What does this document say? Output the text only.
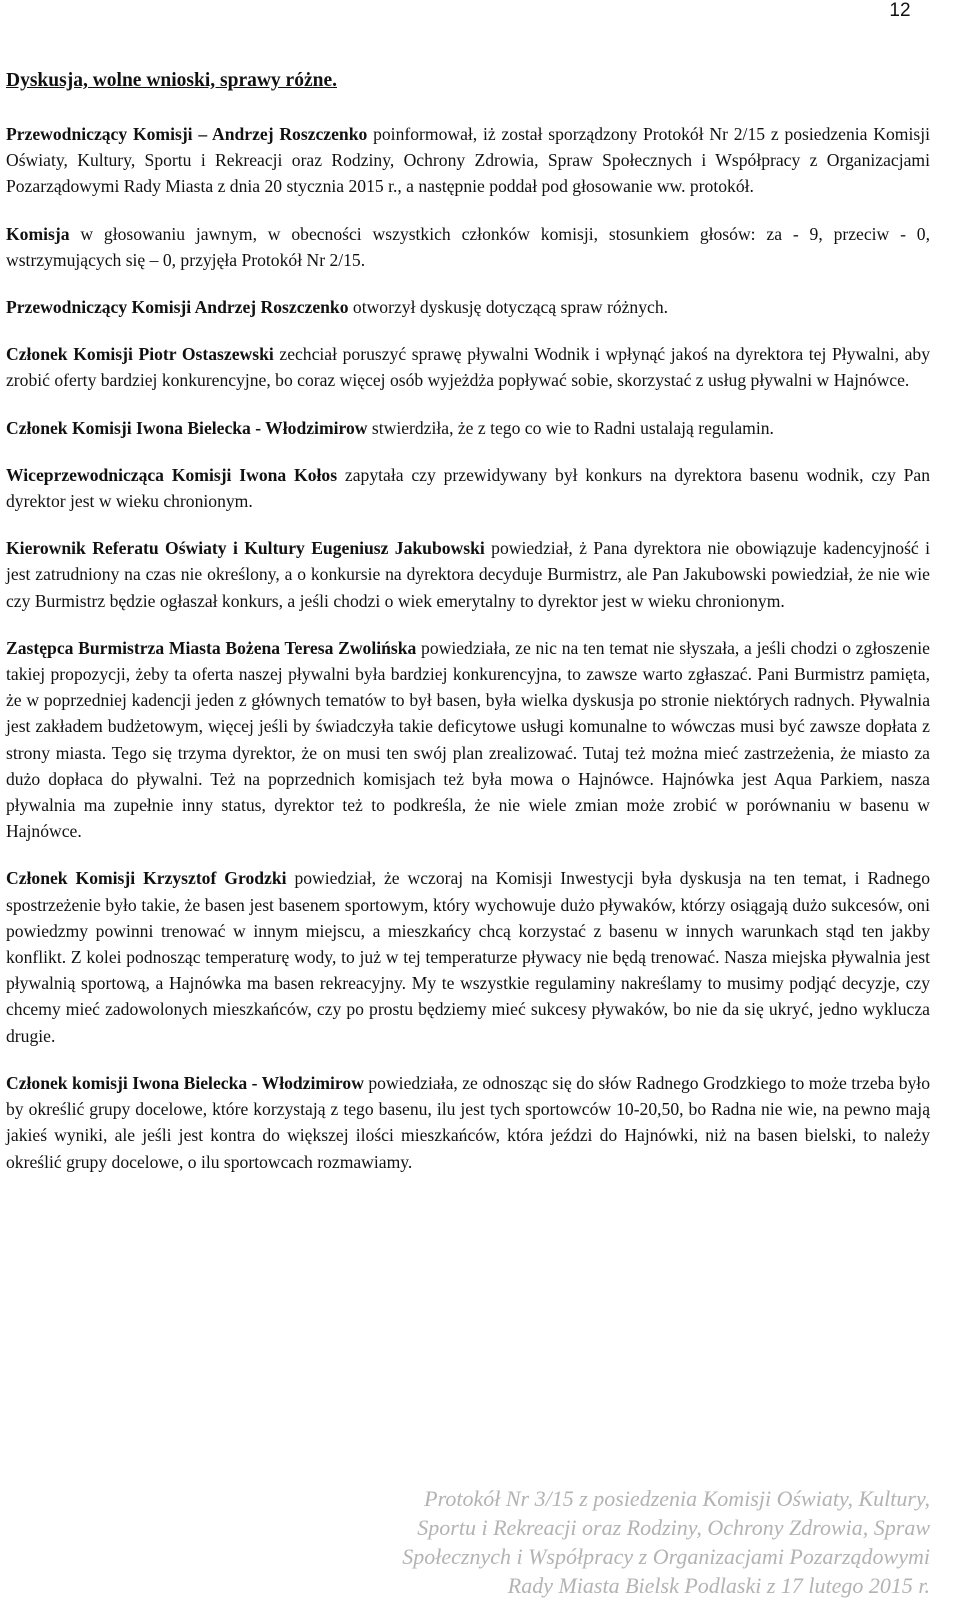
12
Dyskusja, wolne wnioski, sprawy różne.

Przewodniczący Komisji – Andrzej Roszczenko poinformował, iż został sporządzony Protokół Nr 2/15 z posiedzenia Komisji Oświaty, Kultury, Sportu i Rekreacji oraz Rodziny, Ochrony Zdrowia, Spraw Społecznych i Współpracy z Organizacjami Pozarządowymi Rady Miasta z dnia 20 stycznia 2015 r., a następnie poddał pod głosowanie ww. protokół.

Komisja w głosowaniu jawnym, w obecności wszystkich członków komisji, stosunkiem głosów: za - 9, przeciw - 0, wstrzymujących się – 0, przyjęła Protokół Nr 2/15.

Przewodniczący Komisji Andrzej Roszczenko otworzył dyskusję dotyczącą spraw różnych.

Członek Komisji Piotr Ostaszewski zechciał poruszyć sprawę pływalni Wodnik i wpłynąć jakoś na dyrektora tej Pływalni, aby zrobić oferty bardziej konkurencyjne, bo coraz więcej osób wyjeżdża popływać sobie, skorzystać z usług pływalni w Hajnówce.

Członek Komisji Iwona Bielecka - Włodzimirow stwierdziła, że z tego co wie to Radni ustalają regulamin.

Wiceprzewodnicząca Komisji Iwona Kołos zapytała czy przewidywany był konkurs na dyrektora basenu wodnik, czy Pan dyrektor jest w wieku chronionym.

Kierownik Referatu Oświaty i Kultury Eugeniusz Jakubowski powiedział, ż Pana dyrektora nie obowiązuje kadencyjność i jest zatrudniony na czas nie określony, a o konkursie na dyrektora decyduje Burmistrz, ale Pan Jakubowski powiedział, że nie wie czy Burmistrz będzie ogłaszał konkurs, a jeśli chodzi o wiek emerytalny to dyrektor jest w wieku chronionym.

Zastępca Burmistrza Miasta Bożena Teresa Zwolińska powiedziała, ze nic na ten temat nie słyszała, a jeśli chodzi o zgłoszenie takiej propozycji, żeby ta oferta naszej pływalni była bardziej konkurencyjna, to zawsze warto zgłaszać. Pani Burmistrz pamięta, że w poprzedniej kadencji jeden z głównych tematów to był basen, była wielka dyskusja po stronie niektórych radnych. Pływalnia jest zakładem budżetowym, więcej jeśli by świadczyła takie deficytowe usługi komunalne to wówczas musi być zawsze dopłata z strony miasta. Tego się trzyma dyrektor, że on musi ten swój plan zrealizować. Tutaj też można mieć zastrzeżenia, że miasto za dużo dopłaca do pływalni. Też na poprzednich komisjach też była mowa o Hajnówce. Hajnówka jest Aqua Parkiem, nasza pływalnia ma zupełnie inny status, dyrektor też to podkreśla, że nie wiele zmian może zrobić w porównaniu w basenu w Hajnówce.

Członek Komisji Krzysztof Grodzki powiedział, że wczoraj na Komisji Inwestycji była dyskusja na ten temat, i Radnego spostrzeżenie było takie, że basen jest basenem sportowym, który wychowuje dużo pływaków, którzy osiągają dużo sukcesów, oni powiedzmy powinni trenować w innym miejscu, a mieszkańcy chcą korzystać z basenu w innych warunkach stąd ten jakby konflikt. Z kolei podnosząc temperaturę wody, to już w tej temperaturze pływacy nie będą trenować. Nasza miejska pływalnia jest pływalnią sportową, a Hajnówka ma basen rekreacyjny. My te wszystkie regulaminy nakreślamy to musimy podjąć decyzje, czy chcemy mieć zadowolonych mieszkańców, czy po prostu będziemy mieć sukcesy pływaków, bo nie da się ukryć, jedno wyklucza drugie.

Członek komisji Iwona Bielecka - Włodzimirow powiedziała, ze odnosząc się do słów Radnego Grodzkiego to może trzeba było by określić grupy docelowe, które korzystają z tego basenu, ilu jest tych sportowców 10-20,50, bo Radna nie wie, na pewno mają jakieś wyniki, ale jeśli jest kontra do większej ilości mieszkańców, która jeździ do Hajnówki, niż na basen bielski, to należy określić grupy docelowe, o ilu sportowcach rozmawiamy.

Protokół Nr 3/15 z posiedzenia Komisji Oświaty, Kultury, Sportu i Rekreacji oraz Rodziny, Ochrony Zdrowia, Spraw Społecznych i Współpracy z Organizacjami Pozarządowymi Rady Miasta Bielsk Podlaski z 17 lutego 2015 r.
